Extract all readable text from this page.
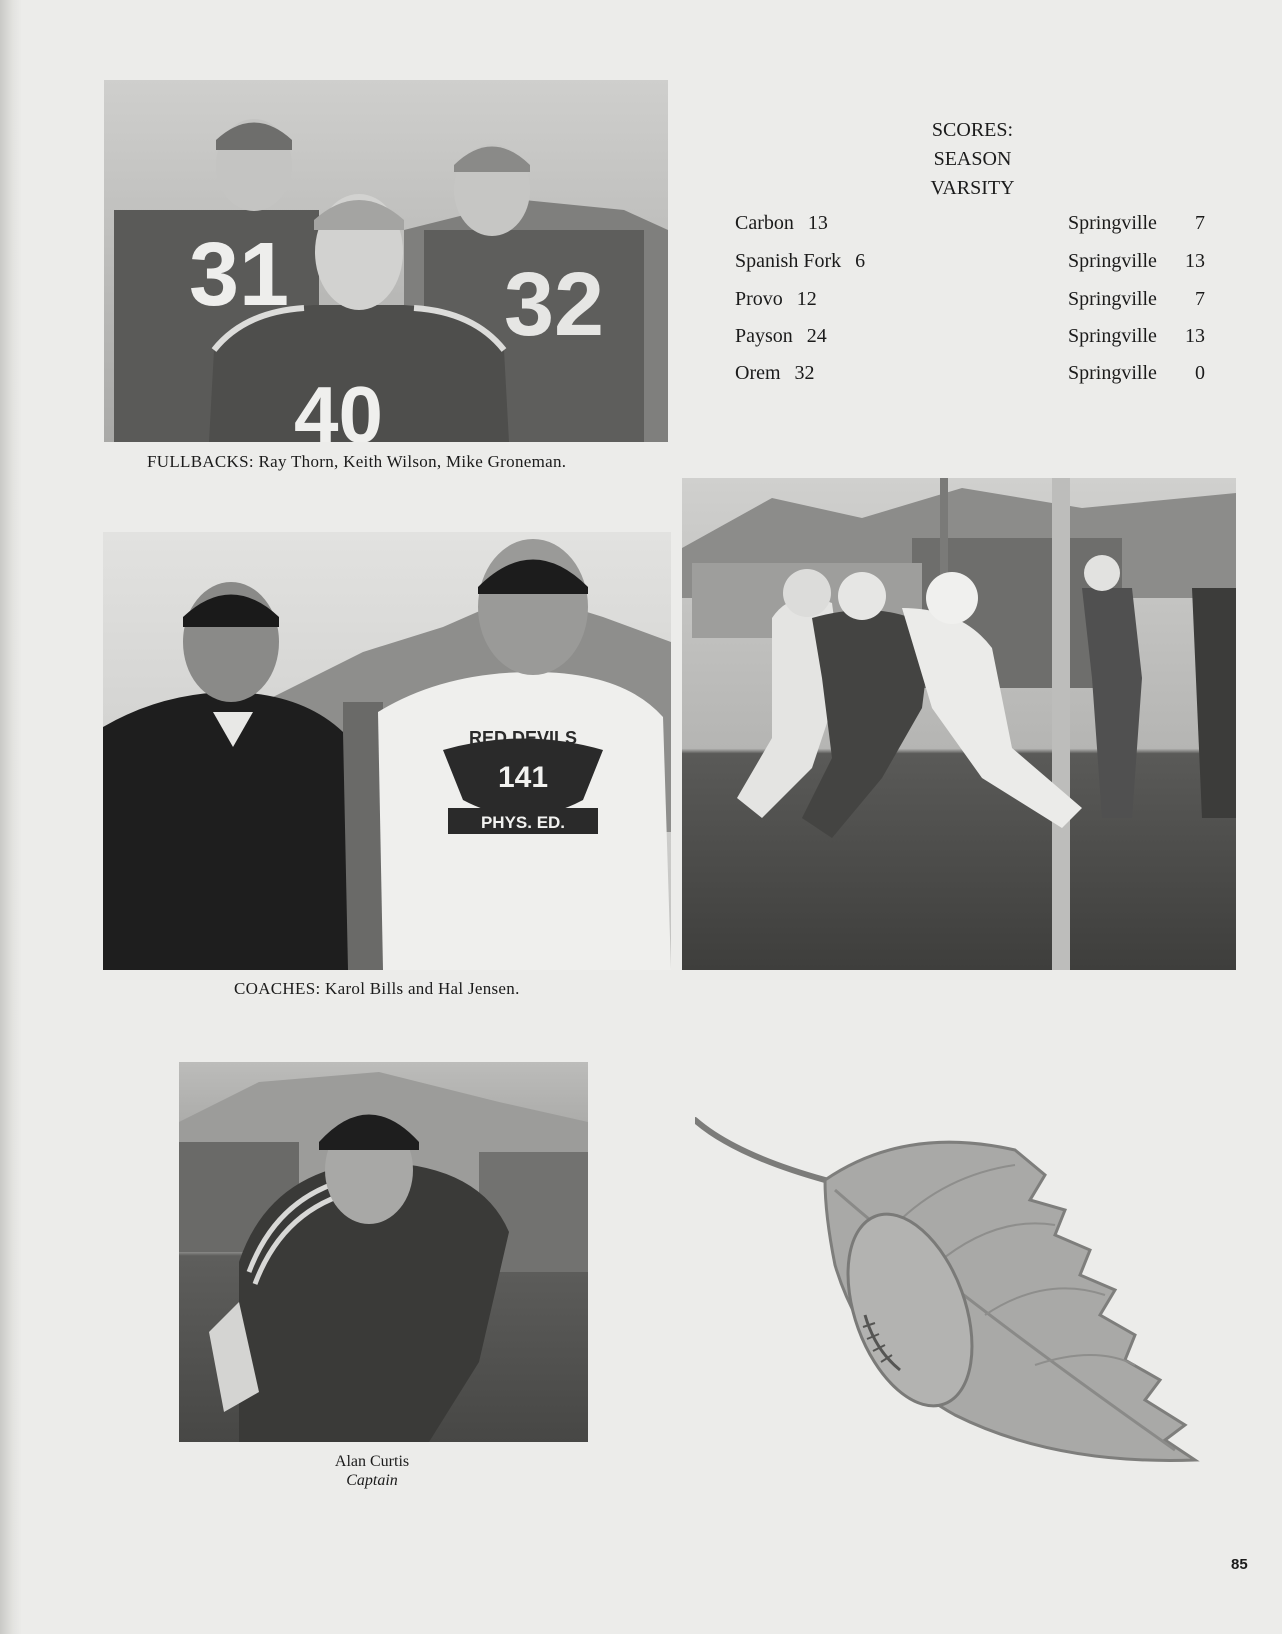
31 32
40
FULLBACKS: Ray Thorn, Keith Wilson, Mike Groneman.
SCORES:
SEASON
VARSITY
Carbon 13	Springville 7
Spanish Fork 6	Springville 13
Provo 12	Springville 7
Payson 24	Springville 13
Orem 32	Springville 0
RED DEVILS
141
PHYS. ED.
COACHES: Karol Bills and Hal Jensen.
Alan Curtis
Captain
85
